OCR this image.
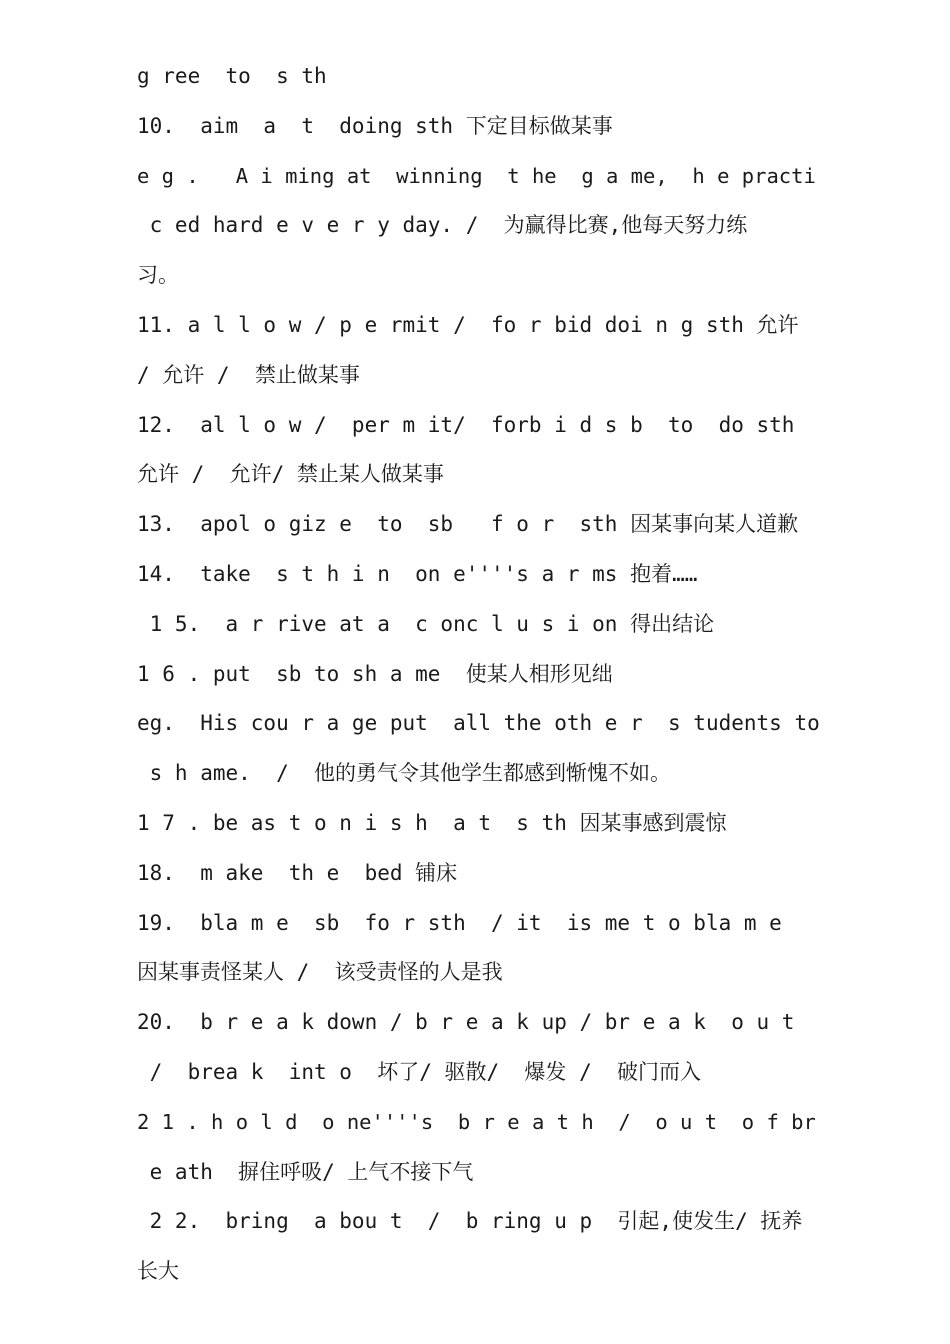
g ree  to  s th
10.  aim  a  t  doing sth 下定目标做某事
e g .   A i ming at  winning  t he  g a me,  h e practi
c ed hard e v e r y day. /  为赢得比赛,他每天努力练
习。
11. a l l o w / p e rmit /  fo r bid doi n g sth 允许
/ 允许 /  禁止做某事
12.  al l o w /  per m it/  forb i d s b  to  do sth
允许 /  允许/ 禁止某人做某事
13.  apol o giz e  to  sb   f o r  sth 因某事向某人道歉
14.  take  s t h i n  on e''''s a r ms 抱着……
1 5.  a r rive at a  c onc l u s i on 得出结论
1 6 . put  sb to sh a me  使某人相形见绌
eg.  His cou r a ge put  all the oth e r  s tudents to
s h ame.  /  他的勇气令其他学生都感到惭愧不如。
1 7 . be as t o n i s h  a t  s th 因某事感到震惊
18.  m ake  th e  bed 铺床
19.  bla m e  sb  fo r sth  / it  is me t o bla m e
因某事责怪某人 /  该受责怪的人是我
20.  b r e a k down / b r e a k up / br e a k  o u t
/  brea k  int o  坏了/ 驱散/  爆发 /  破门而入
2 1 . h o l d  o ne''''s  b r e a t h  /  o u t  o f br
e ath  摒住呼吸/ 上气不接下气
2 2.  bring  a bou t  /  b ring u p  引起,使发生/ 抚养
长大
